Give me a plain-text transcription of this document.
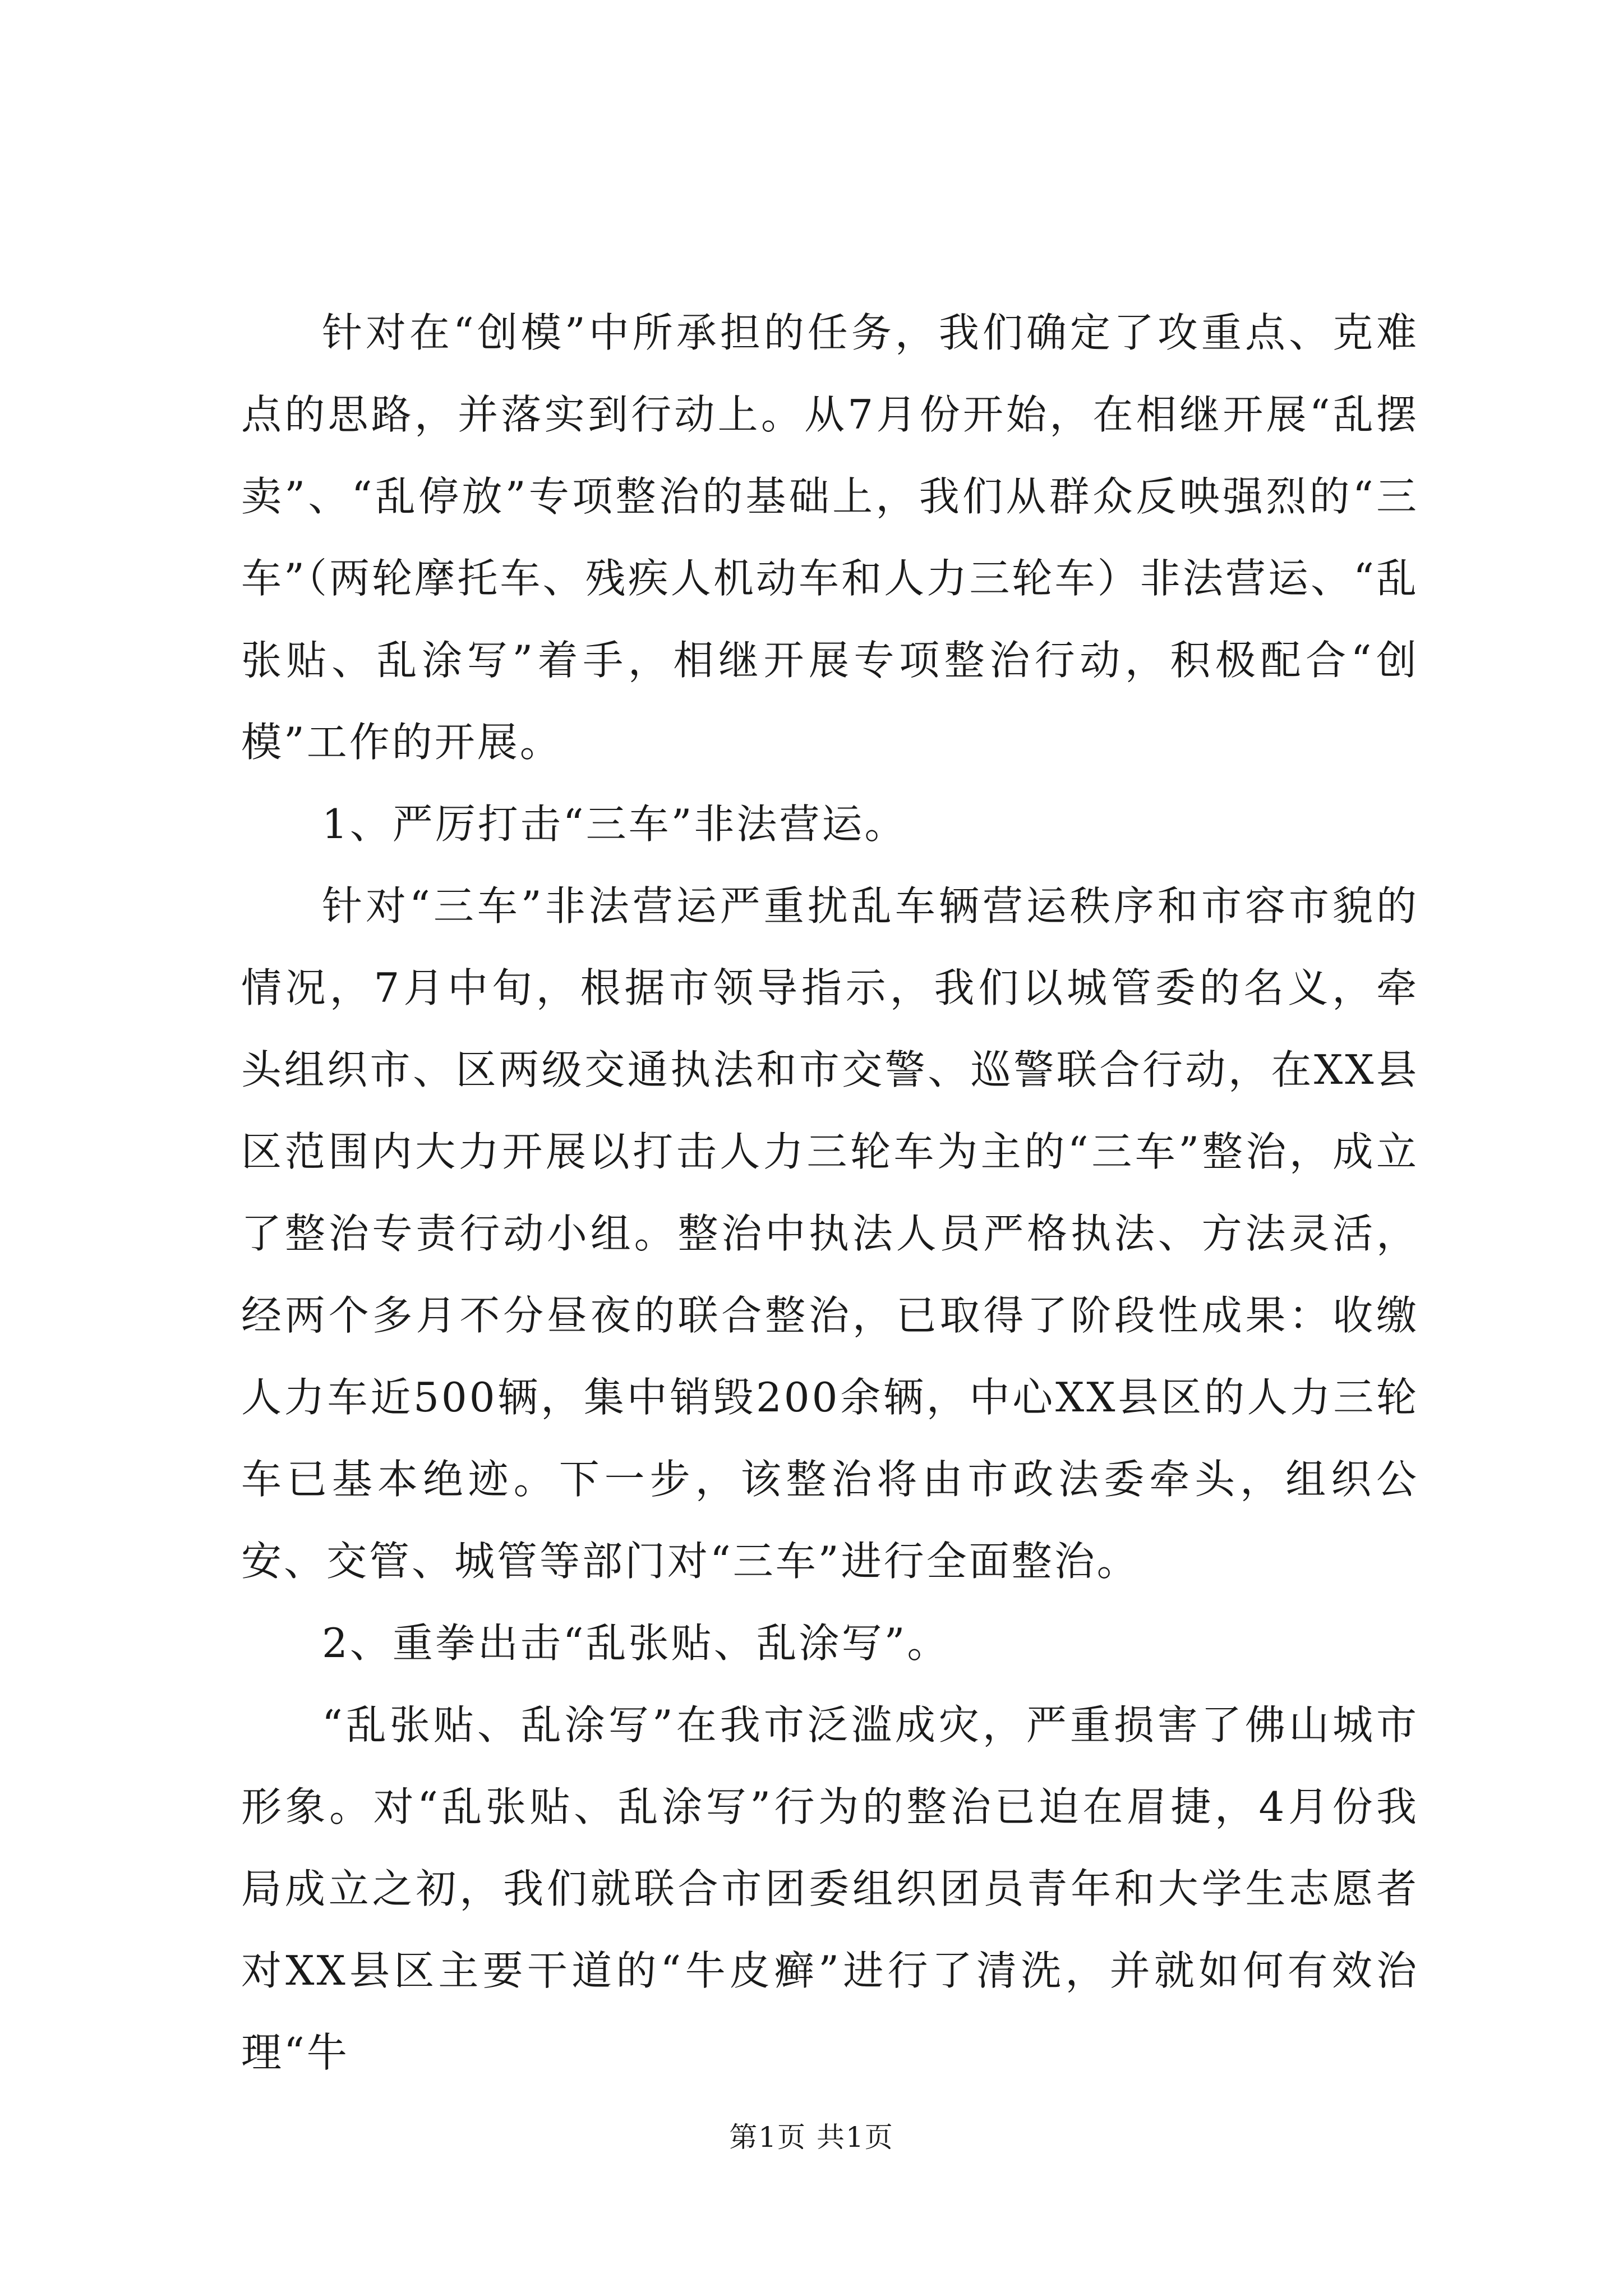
针对在“创模”中所承担的任务，我们确定了攻重点、克难点的思路，并落实到行动上。从7月份开始，在相继开展“乱摆卖”、“乱停放”专项整治的基础上，我们从群众反映强烈的“三车”（两轮摩托车、残疾人机动车和人力三轮车）非法营运、“乱张贴、乱涂写”着手，相继开展专项整治行动，积极配合“创模”工作的开展。

1、严厉打击“三车”非法营运。

针对“三车”非法营运严重扰乱车辆营运秩序和市容市貌的情况，7月中旬，根据市领导指示，我们以城管委的名义，牵头组织市、区两级交通执法和市交警、巡警联合行动，在XX县区范围内大力开展以打击人力三轮车为主的“三车”整治，成立了整治专责行动小组。整治中执法人员严格执法、方法灵活，经两个多月不分昼夜的联合整治，已取得了阶段性成果：收缴人力车近500辆，集中销毁200余辆，中心XX县区的人力三轮车已基本绝迹。下一步，该整治将由市政法委牵头，组织公安、交管、城管等部门对“三车”进行全面整治。

2、重拳出击“乱张贴、乱涂写”。

“乱张贴、乱涂写”在我市泛滥成灾，严重损害了佛山城市形象。对“乱张贴、乱涂写”行为的整治已迫在眉捷，4月份我局成立之初，我们就联合市团委组织团员青年和大学生志愿者对XX县区主要干道的“牛皮癣”进行了清洗，并就如何有效治理“牛

第1页 共1页
